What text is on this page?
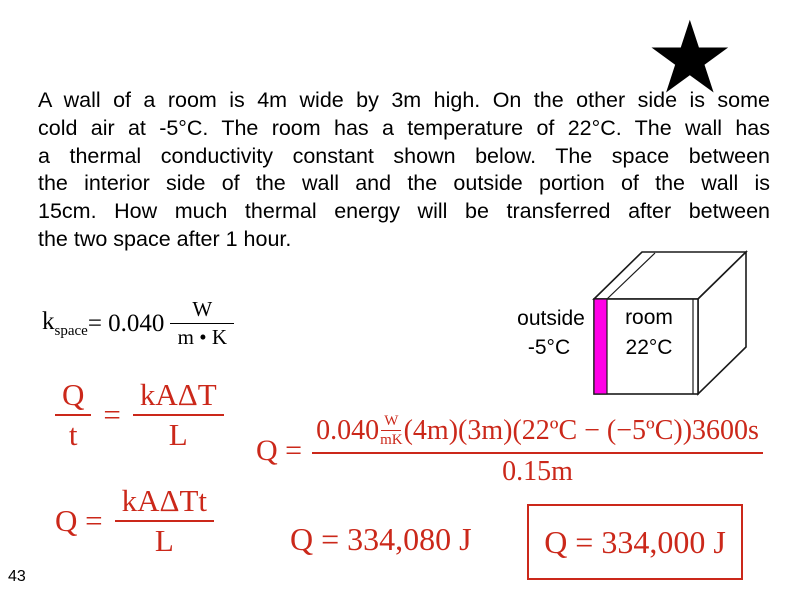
★
A wall of a room is 4m wide by 3m high. On the other side is some
cold air at -5°C. The room has a temperature of 22°C. The wall has
a thermal conductivity constant shown below. The space between
the interior side of the wall and the outside portion of the wall is
15cm. How much thermal energy will be transferred after between
the two space after 1 hour.
$k_{space} = 0.040 \frac{W}{m • K}$	outside
-5°C
room
22°C
$\frac{Q}{t} = \frac{\text{kAΔT}}{L}$
$Q = \frac{\text{kAΔTt}}{L}$
Q =
$0.040 \frac{W}{mK}$ (4m)(3m)(22ºC − (−5ºC))3600s
0.15m
Q = 334,080 J Q = 334,000 J
43
